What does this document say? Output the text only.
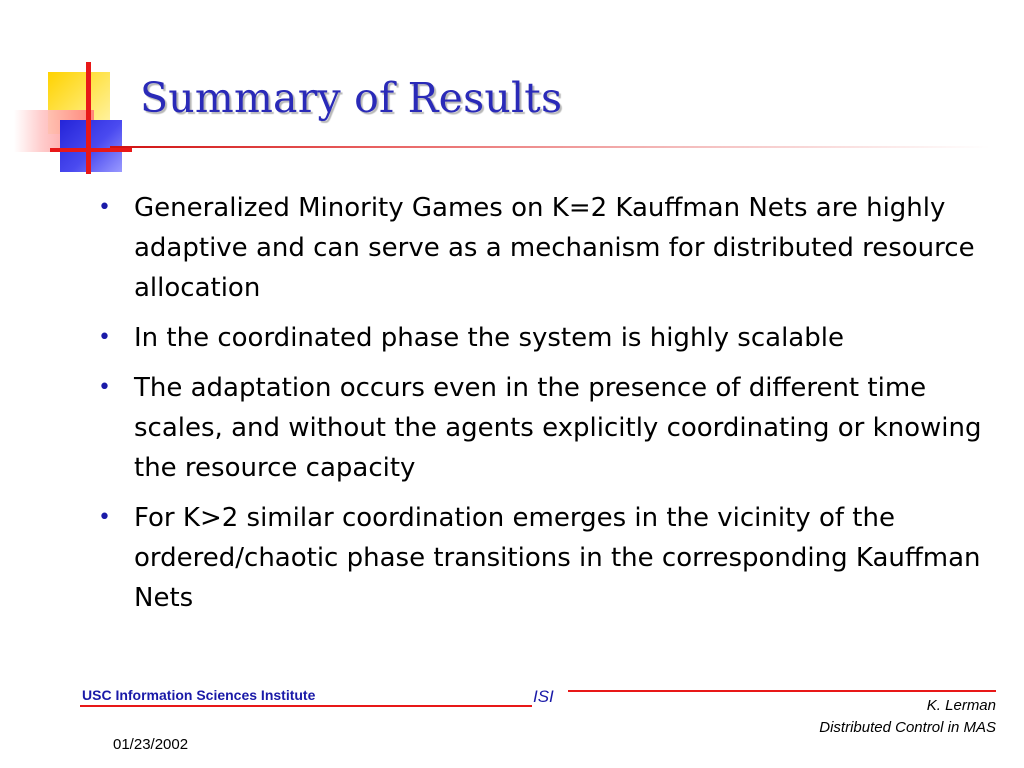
Summary of Results
• Generalized Minority Games on K=2 Kauffman Nets are highly adaptive and can serve as a mechanism for distributed resource allocation
• In the coordinated phase the system is highly scalable
• The adaptation occurs even in the presence of different time scales, and without the agents explicitly coordinating or knowing the resource capacity
• For K>2 similar coordination emerges in the vicinity of the ordered/chaotic phase transitions in the corresponding Kauffman Nets
USC Information Sciences Institute	ISI	K. Lerman
Distributed Control in MAS
01/23/2002
